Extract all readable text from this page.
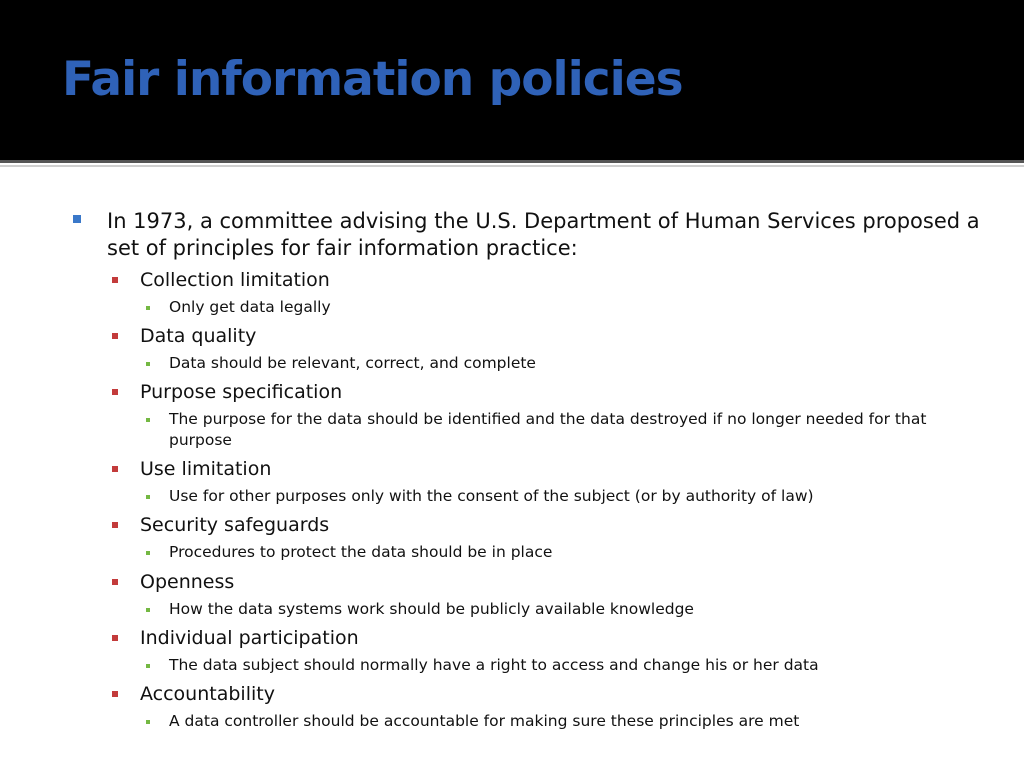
Fair information policies
In 1973, a committee advising the U.S. Department of Human Services proposed a set of principles for fair information practice:
Collection limitation
Only get data legally
Data quality
Data should be relevant, correct, and complete
Purpose specification
The purpose for the data should be identified and the data destroyed if no longer needed for that purpose
Use limitation
Use for other purposes only with the consent of the subject (or by authority of law)
Security safeguards
Procedures to protect the data should be in place
Openness
How the data systems work should be publicly available knowledge
Individual participation
The data subject should normally have a right to access and change his or her data
Accountability
A data controller should be accountable for making sure these principles are met
